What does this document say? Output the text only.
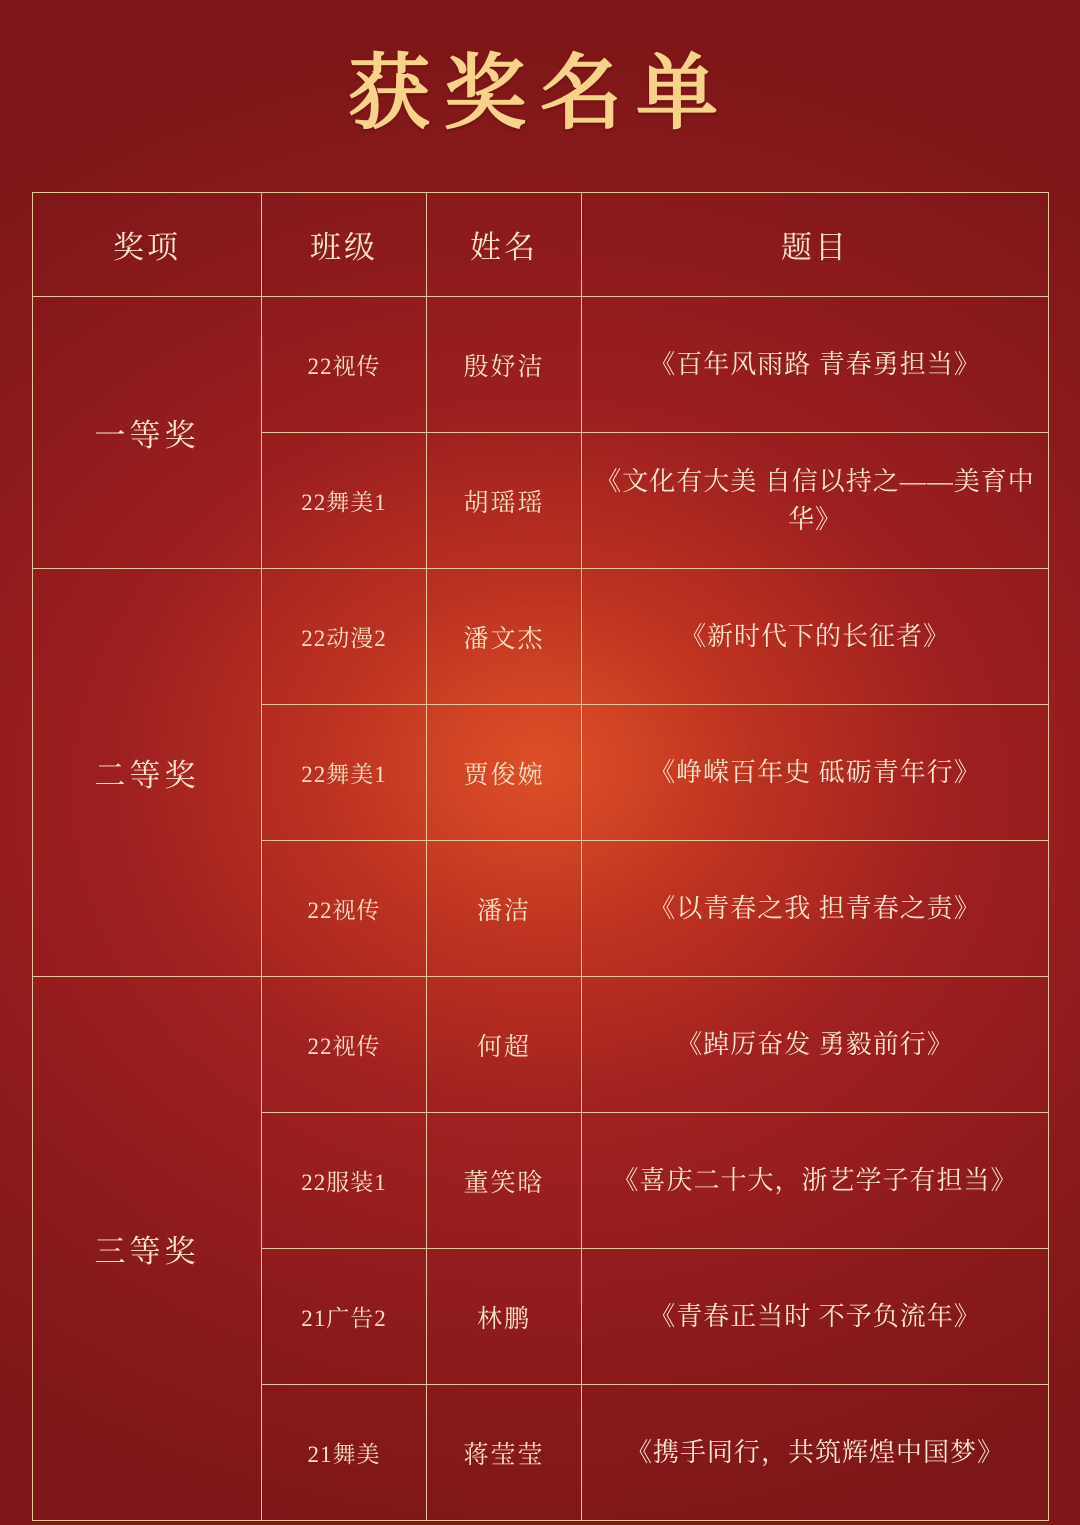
获奖名单
奖项	班级	姓名	题目
一等奖	22视传	殷妤洁	《百年风雨路 青春勇担当》
	22舞美1	胡瑶瑶	《文化有大美 自信以持之——美育中华》
二等奖	22动漫2	潘文杰	《新时代下的长征者》
	22舞美1	贾俊婉	《峥嵘百年史 砥砺青年行》
	22视传	潘洁	《以青春之我 担青春之责》
三等奖	22视传	何超	《踔厉奋发 勇毅前行》
	22服装1	董笑晗	《喜庆二十大，浙艺学子有担当》
	21广告2	林鹏	《青春正当时 不予负流年》
	21舞美	蒋莹莹	《携手同行，共筑辉煌中国梦》
